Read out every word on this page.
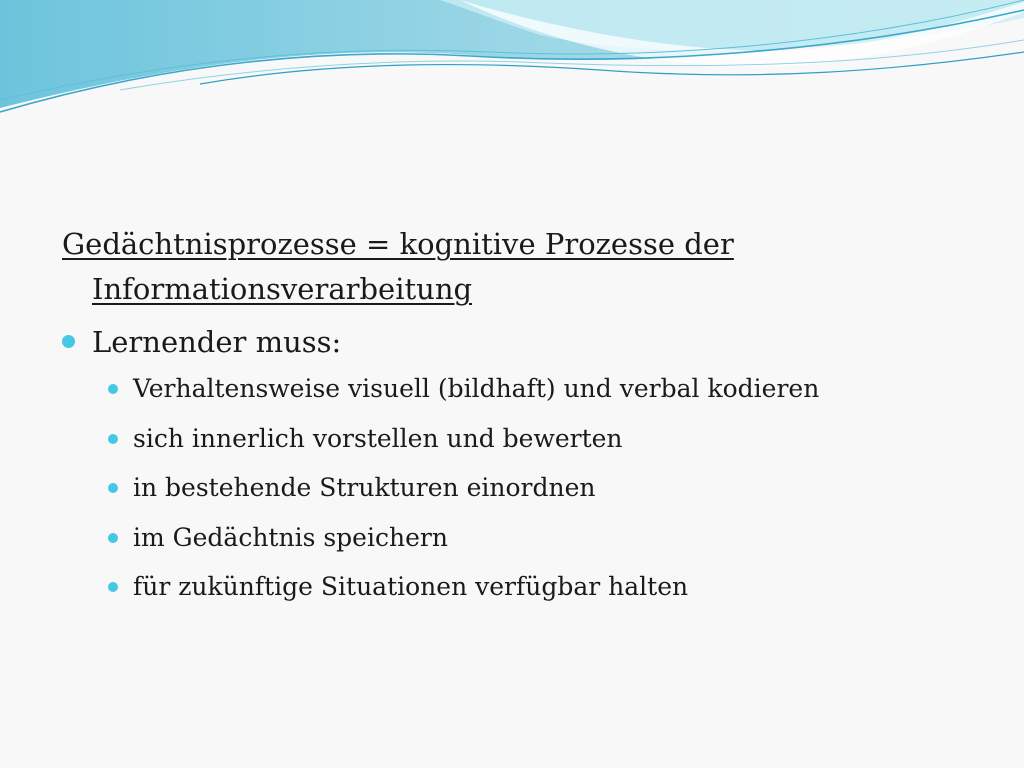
Gedächtnisprozesse = kognitive Prozesse der
Informationsverarbeitung
Lernender muss:
Verhaltensweise visuell (bildhaft) und verbal kodieren
sich innerlich vorstellen und bewerten
in bestehende Strukturen einordnen
im Gedächtnis speichern
für zukünftige Situationen verfügbar halten
